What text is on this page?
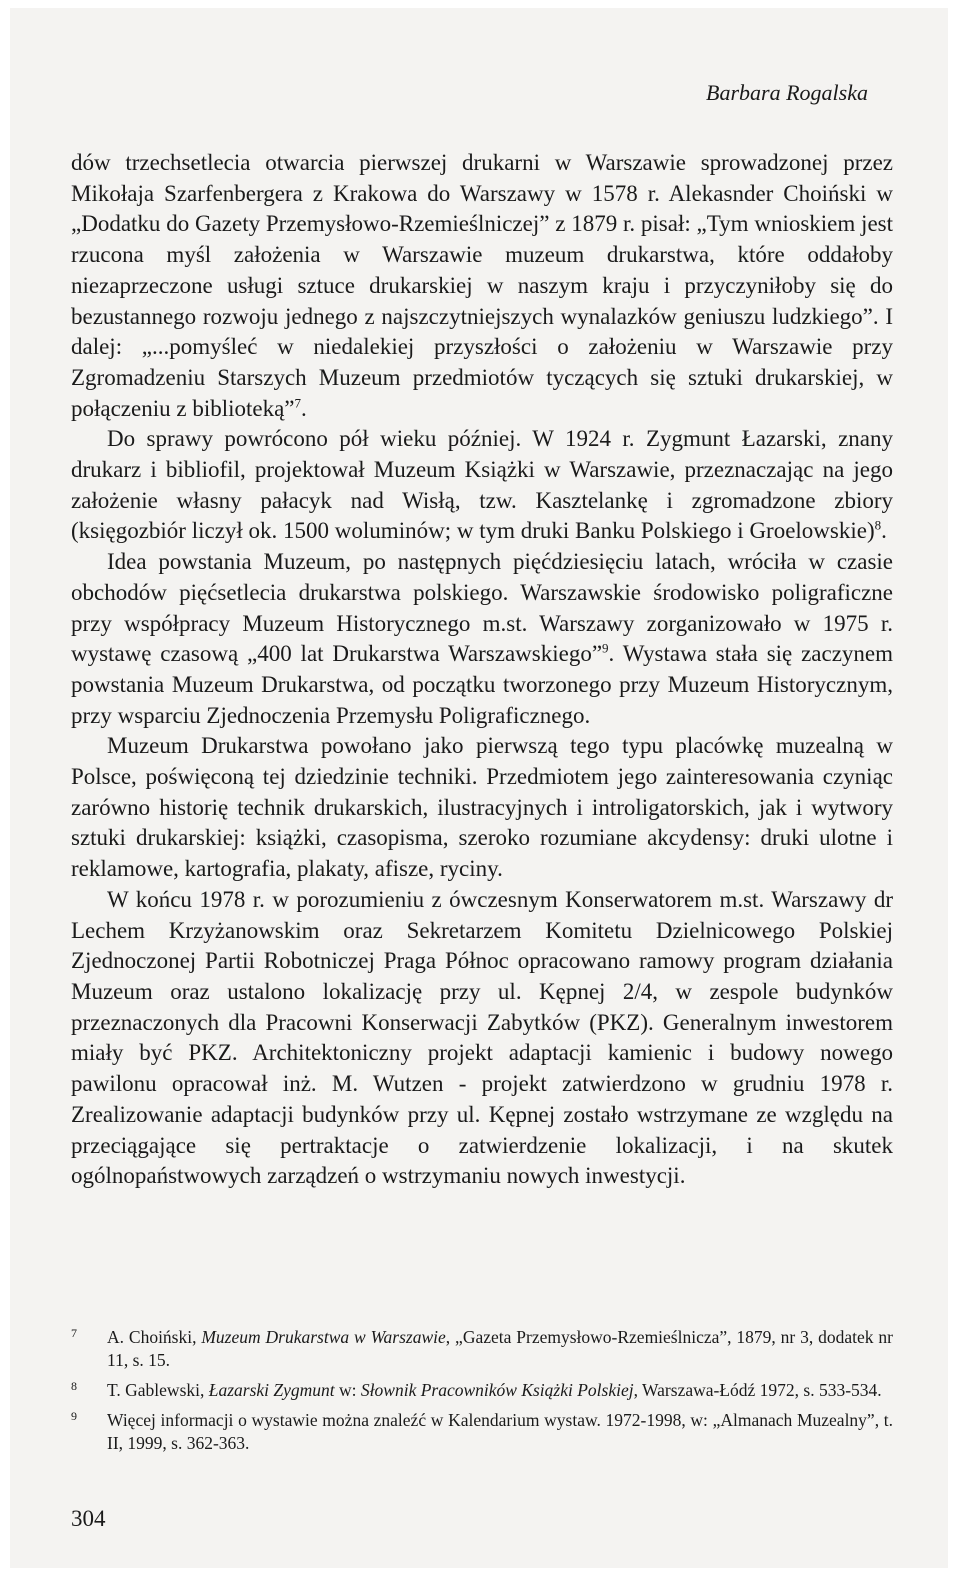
Barbara Rogalska

dów trzechsetlecia otwarcia pierwszej drukarni w Warszawie sprowadzonej przez Mikołaja Szarfenbergera z Krakowa do Warszawy w 1578 r. Alekasnder Choiński w „Dodatku do Gazety Przemysłowo-Rzemieślniczej” z 1879 r. pisał: „Tym wnioskiem jest rzucona myśl założenia w Warszawie muzeum drukarstwa, które oddałoby niezaprzeczone usługi sztuce drukarskiej w naszym kraju i przyczyniłoby się do bezustannego rozwoju jednego z najszczytniejszych wynalazków geniuszu ludzkiego”. I dalej: „...pomyśleć w niedalekiej przyszłości o założeniu w Warszawie przy Zgromadzeniu Starszych Muzeum przedmiotów tyczących się sztuki drukarskiej, w połączeniu z biblioteką”$^7$.

Do sprawy powrócono pół wieku później. W 1924 r. Zygmunt Łazarski, znany drukarz i bibliofil, projektował Muzeum Książki w Warszawie, przeznaczając na jego założenie własny pałacyk nad Wisłą, tzw. Kasztelankę i zgromadzone zbiory (księgozbiór liczył ok. 1500 woluminów; w tym druki Banku Polskiego i Groelowskie)$^8$.

Idea powstania Muzeum, po następnych pięćdziesięciu latach, wróciła w czasie obchodów pięćsetlecia drukarstwa polskiego. Warszawskie środowisko poligraficzne przy współpracy Muzeum Historycznego m.st. Warszawy zorganizowało w 1975 r. wystawę czasową „400 lat Drukarstwa Warszawskiego”$^9$. Wystawa stała się zaczynem powstania Muzeum Drukarstwa, od początku tworzonego przy Muzeum Historycznym, przy wsparciu Zjednoczenia Przemysłu Poligraficznego.

Muzeum Drukarstwa powołano jako pierwszą tego typu placówkę muzealną w Polsce, poświęconą tej dziedzinie techniki. Przedmiotem jego zainteresowania czyniąc zarówno historię technik drukarskich, ilustracyjnych i introligatorskich, jak i wytwory sztuki drukarskiej: książki, czasopisma, szeroko rozumiane akcydensy: druki ulotne i reklamowe, kartografia, plakaty, afisze, ryciny.

W końcu 1978 r. w porozumieniu z ówczesnym Konserwatorem m.st. Warszawy dr Lechem Krzyżanowskim oraz Sekretarzem Komitetu Dzielnicowego Polskiej Zjednoczonej Partii Robotniczej Praga Północ opracowano ramowy program działania Muzeum oraz ustalono lokalizację przy ul. Kępnej 2/4, w zespole budynków przeznaczonych dla Pracowni Konserwacji Zabytków (PKZ). Generalnym inwestorem miały być PKZ. Architektoniczny projekt adaptacji kamienic i budowy nowego pawilonu opracował inż. M. Wutzen - projekt zatwierdzono w grudniu 1978 r. Zrealizowanie adaptacji budynków przy ul. Kępnej zostało wstrzymane ze względu na przeciągające się pertraktacje o zatwierdzenie lokalizacji, i na skutek ogólnopaństwowych zarządzeń o wstrzymaniu nowych inwestycji.

7 A. Choiński, Muzeum Drukarstwa w Warszawie, „Gazeta Przemysłowo-Rzemieślnicza”, 1879, nr 3, dodatek nr 11, s. 15.
8 T. Gablewski, Łazarski Zygmunt w: Słownik Pracowników Książki Polskiej, Warszawa-Łódź 1972, s. 533-534.
9 Więcej informacji o wystawie można znaleźć w Kalendarium wystaw. 1972-1998, w: „Almanach Muzealny”, t. II, 1999, s. 362-363.
304
